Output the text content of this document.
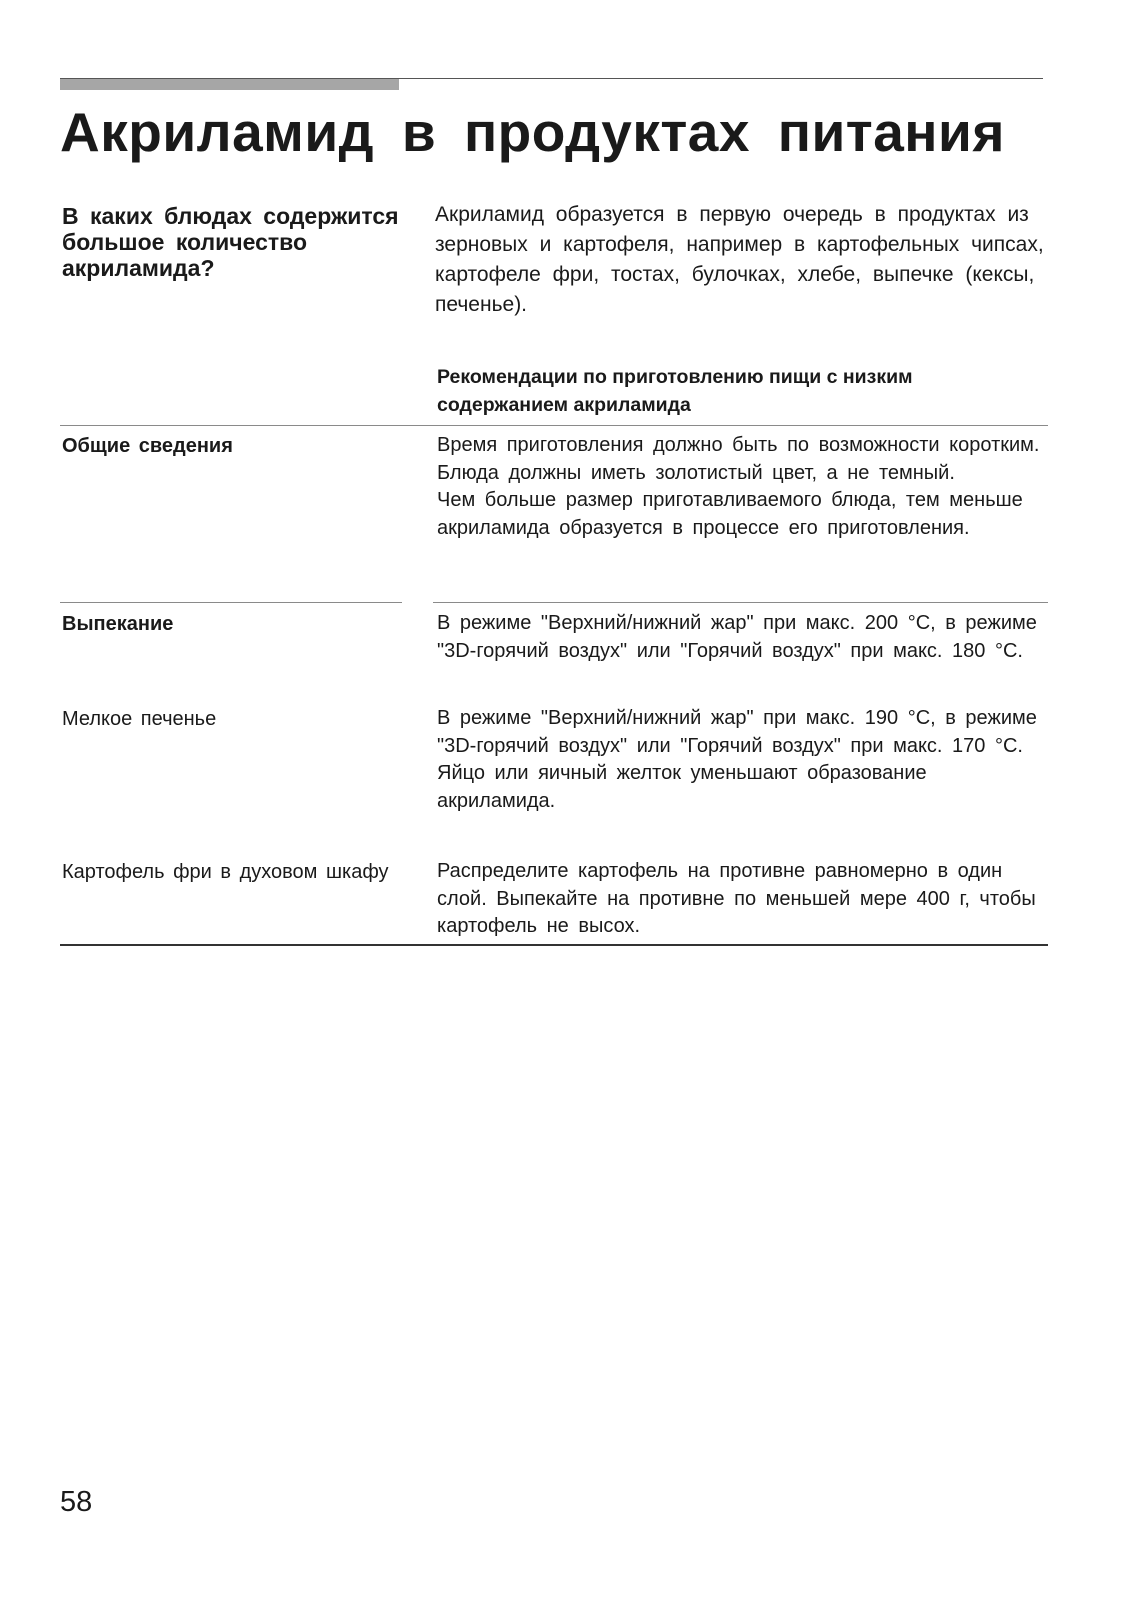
Акриламид в продуктах питания
В каких блюдах содержится большое количество акриламида?
Акриламид образуется в первую очередь в продуктах из зерновых и картофеля, например в картофельных чипсах, картофеле фри, тостах, булочках, хлебе, выпечке (кексы, печенье).
Рекомендации по приготовлению пищи с низким содержанием акриламида
Общие сведения	Время приготовления должно быть по возможности коротким.

Блюда должны иметь золотистый цвет, а не темный.

Чем больше размер приготавливаемого блюда, тем меньше акриламида образуется в процессе его приготовления.

Выпекание	В режиме "Верхний/нижний жар" при макс. 200 °C, в режиме "3D-горячий воздух" или "Горячий воздух" при макс. 180 °C.

Мелкое печенье	В режиме "Верхний/нижний жар" при макс. 190 °C, в режиме "3D-горячий воздух" или "Горячий воздух" при макс. 170 °C.

Яйцо или яичный желток уменьшают образование акриламида.

Картофель фри в духовом шкафу	Распределите картофель на противне равномерно в один слой. Выпекайте на противне по меньшей мере 400 г, чтобы картофель не высох.

58
